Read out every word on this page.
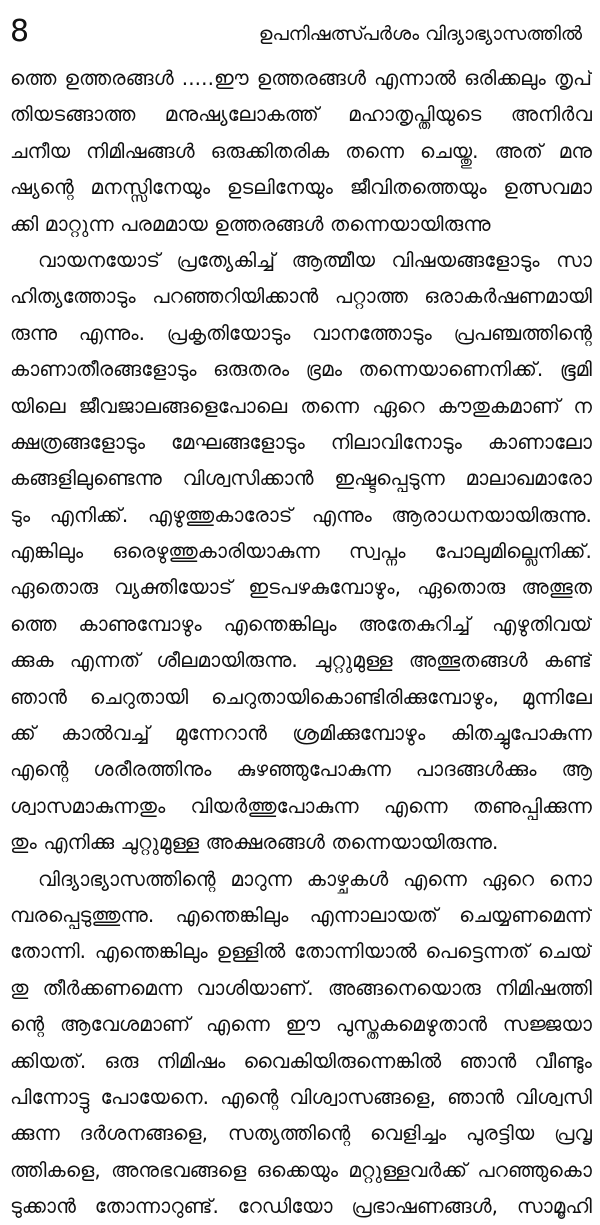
8	ഉപനിഷത്സ്പർശം വിദ്യാഭ്യാസത്തിൽ
ത്തെ ഉത്തരങ്ങൾ .....ഈ ഉത്തരങ്ങൾ എന്നാൽ ഒരിക്കലും തൃപ്
തിയടങ്ങാത്ത മനുഷ്യലോകത്ത് മഹാതൃപ്തിയുടെ അനിർവ
ചനീയ നിമിഷങ്ങൾ ഒരുക്കിതരിക തന്നെ ചെയ്തു. അത് മനു
ഷ്യന്റെ മനസ്സിനേയും ഉടലിനേയും ജീവിതത്തെയും ഉത്സവമാ
ക്കി മാറ്റുന്ന പരമമായ ഉത്തരങ്ങൾ തന്നെയായിരുന്നു
വായനയോട് പ്രത്യേകിച്ച് ആത്മീയ വിഷയങ്ങളോടും സാ
ഹിത്യത്തോടും പറഞ്ഞറിയിക്കാൻ പറ്റാത്ത ഒരാകർഷണമായി
രുന്നു എന്നും. പ്രകൃതിയോടും വാനത്തോടും പ്രപഞ്ചത്തിന്റെ
കാണാതീരങ്ങളോടും ഒരുതരം ഭ്രമം തന്നെയാണെനിക്ക്. ഭൂമി
യിലെ ജീവജാലങ്ങളെപോലെ തന്നെ ഏറെ കൗതുകമാണ് ന
ക്ഷത്രങ്ങളോടും മേഘങ്ങളോടും നിലാവിനോടും കാണാലോ
കങ്ങളിലുണ്ടെന്നു വിശ്വസിക്കാൻ ഇഷ്ടപ്പെടുന്ന മാലാഖമാരോ
ടും എനിക്ക്. എഴുത്തുകാരോട് എന്നും ആരാധനയായിരുന്നു.
എങ്കിലും ഒരെഴുത്തുകാരിയാകുന്ന സ്വപ്നം പോലുമില്ലെനിക്ക്.
ഏതൊരു വ്യക്തിയോട് ഇടപഴകുമ്പോഴും, ഏതൊരു അത്ഭുത
ത്തെ കാണുമ്പോഴും എന്തെങ്കിലും അതേകുറിച്ച് എഴുതിവയ്
ക്കുക എന്നത് ശീലമായിരുന്നു. ചുറ്റുമുള്ള അത്ഭുതങ്ങൾ കണ്ട്
ഞാൻ ചെറുതായി ചെറുതായികൊണ്ടിരിക്കുമ്പോഴും, മുന്നിലേ
ക്ക് കാൽവച്ച് മുന്നേറാൻ ശ്രമിക്കുമ്പോഴും കിതച്ചുപോകുന്ന
എന്റെ ശരീരത്തിനും കുഴഞ്ഞുപോകുന്ന പാദങ്ങൾക്കും ആ
ശ്വാസമാകുന്നതും വിയർത്തുപോകുന്ന എന്നെ തണുപ്പിക്കുന്ന
തും എനിക്കു ചുറ്റുമുള്ള അക്ഷരങ്ങൾ തന്നെയായിരുന്നു.
വിദ്യാഭ്യാസത്തിന്റെ മാറുന്ന കാഴ്ചകൾ എന്നെ ഏറെ നൊ
മ്പരപ്പെടുത്തുന്നു. എന്തെങ്കിലും എന്നാലായത് ചെയ്യണമെന്ന്
തോന്നി. എന്തെങ്കിലും ഉള്ളിൽ തോന്നിയാൽ പെട്ടെന്നത് ചെയ്
തു തീർക്കണമെന്ന വാശിയാണ്. അങ്ങനെയൊരു നിമിഷത്തി
ന്റെ ആവേശമാണ് എന്നെ ഈ പുസ്തകമെഴുതാൻ സജ്ജയാ
ക്കിയത്. ഒരു നിമിഷം വൈകിയിരുന്നെങ്കിൽ ഞാൻ വീണ്ടും
പിന്നോട്ടു പോയേനെ. എന്റെ വിശ്വാസങ്ങളെ, ഞാൻ വിശ്വസി
ക്കുന്ന ദർശനങ്ങളെ, സത്യത്തിന്റെ വെളിച്ചം പുരട്ടിയ പ്രവൃ
ത്തികളെ, അനുഭവങ്ങളെ ഒക്കെയും മറ്റുള്ളവർക്ക് പറഞ്ഞുകൊ
ടുക്കാൻ തോന്നാറുണ്ട്. റേഡിയോ പ്രഭാഷണങ്ങൾ, സാമൂഹി
